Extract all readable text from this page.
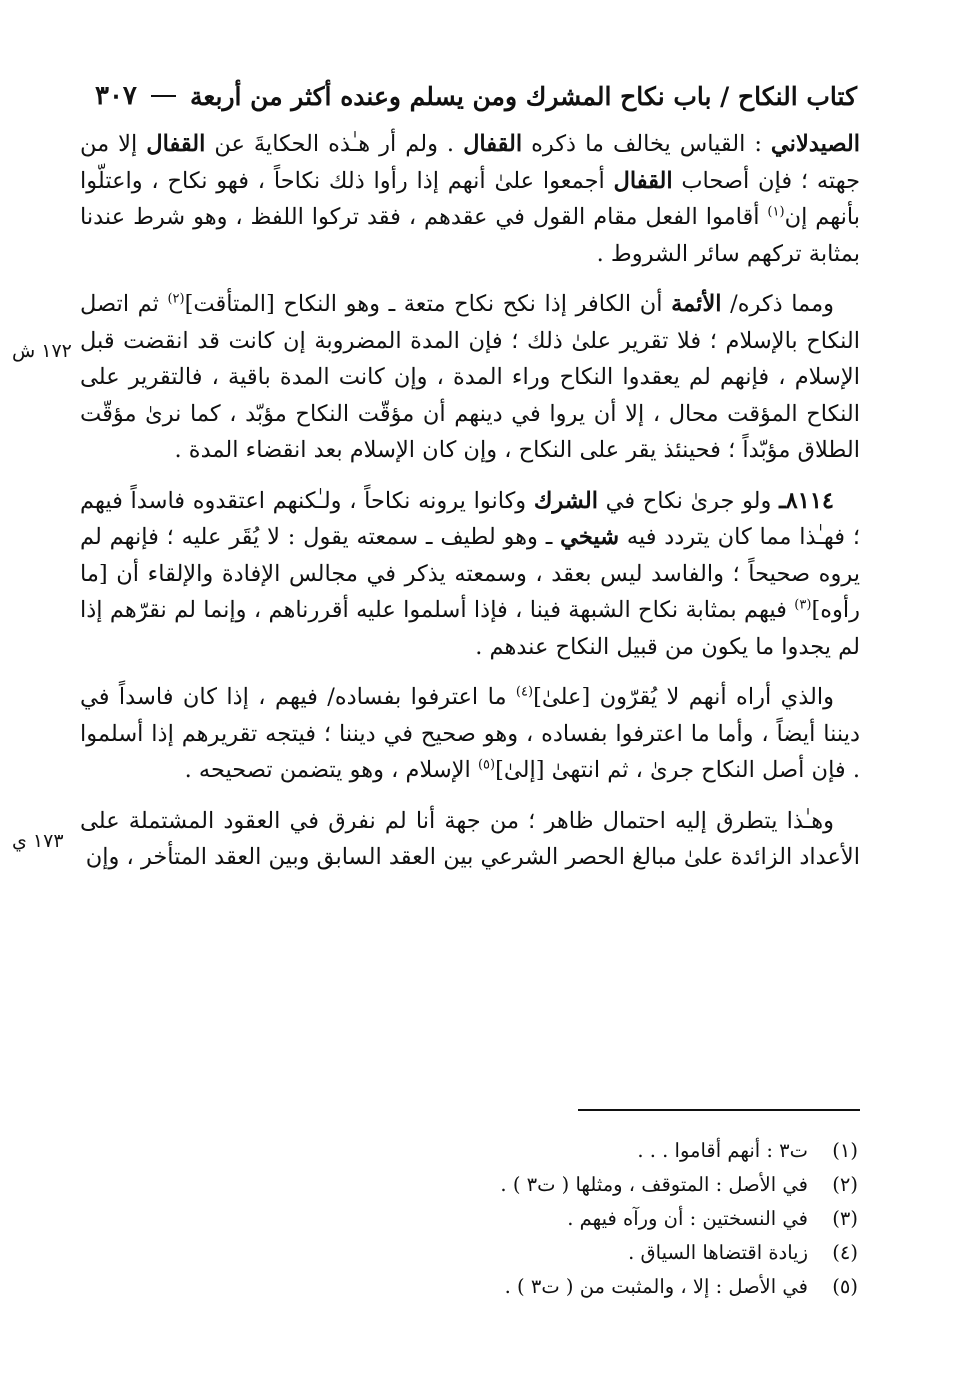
كتاب النكاح / باب نكاح المشرك ومن يسلم وعنده أكثر من أربعة
٣٠٧
١٧٢ ش
١٧٣ ي

الصيدلاني : القياس يخالف ما ذكره القفال . ولم أر هـٰذه الحكايةَ عن القفال إلا من جهته ؛ فإن أصحاب القفال أجمعوا علىٰ أنهم إذا رأوا ذلك نكاحاً ، فهو نكاح ، واعتلّوا بأنهم إن$^{(١)}$ أقاموا الفعل مقام القول في عقدهم ، فقد تركوا اللفظ ، وهو شرط عندنا بمثابة تركهم سائر الشروط .

ومما ذكره/ الأئمة أن الكافر إذا نكح نكاح متعة ـ وهو النكاح [المتأقت]$^{(٢)}$ ثم اتصل النكاح بالإسلام ؛ فلا تقرير علىٰ ذلك ؛ فإن المدة المضروبة إن كانت قد انقضت قبل الإسلام ، فإنهم لم يعقدوا النكاح وراء المدة ، وإن كانت المدة باقية ، فالتقرير على النكاح المؤقت محال ، إلا أن يروا في دينهم أن مؤقّت النكاح مؤبّد ، كما نرىٰ مؤقّت الطلاق مؤبّداً ؛ فحينئذ يقر على النكاح ، وإن كان الإسلام بعد انقضاء المدة .

٨١١٤ـ ولو جرىٰ نكاح في الشرك وكانوا يرونه نكاحاً ، ولـٰكنهم اعتقدوه فاسداً فيهم ؛ فهـٰذا مما كان يتردد فيه شيخي ـ وهو لطيف ـ سمعته يقول : لا يُقَر عليه ؛ فإنهم لم يروه صحيحاً ؛ والفاسد ليس بعقد ، وسمعته يذكر في مجالس الإفادة والإلقاء أن [ما رأوه]$^{(٣)}$ فيهم بمثابة نكاح الشبهة فينا ، فإذا أسلموا عليه أقررناهم ، وإنما لم نقرّهم إذا لم يجدوا ما يكون من قبيل النكاح عندهم .

والذي أراه أنهم لا يُقرّون [علىٰ]$^{(٤)}$ ما اعترفوا بفساده/ فيهم ، إذا كان فاسداً في ديننا أيضاً ، وأما ما اعترفوا بفساده ، وهو صحيح في ديننا ؛ فيتجه تقريرهم إذا أسلموا . فإن أصل النكاح جرىٰ ، ثم انتهىٰ [إلىٰ]$^{(٥)}$ الإسلام ، وهو يتضمن تصحيحه .

وهـٰذا يتطرق إليه احتمال ظاهر ؛ من جهة أنا لم نفرق في العقود المشتملة على الأعداد الزائدة علىٰ مبالغ الحصر الشرعي بين العقد السابق وبين العقد المتأخر ، وإن

(١)
ت٣ : أنهم أقاموا . . .
(٢)
في الأصل : المتوقف ، ومثلها ( ت٣ ) .
(٣)
في النسختين : أن ورآه فيهم .
(٤)
زيادة اقتضاها السياق .
(٥)
في الأصل : إلا ، والمثبت من ( ت٣ ) .
